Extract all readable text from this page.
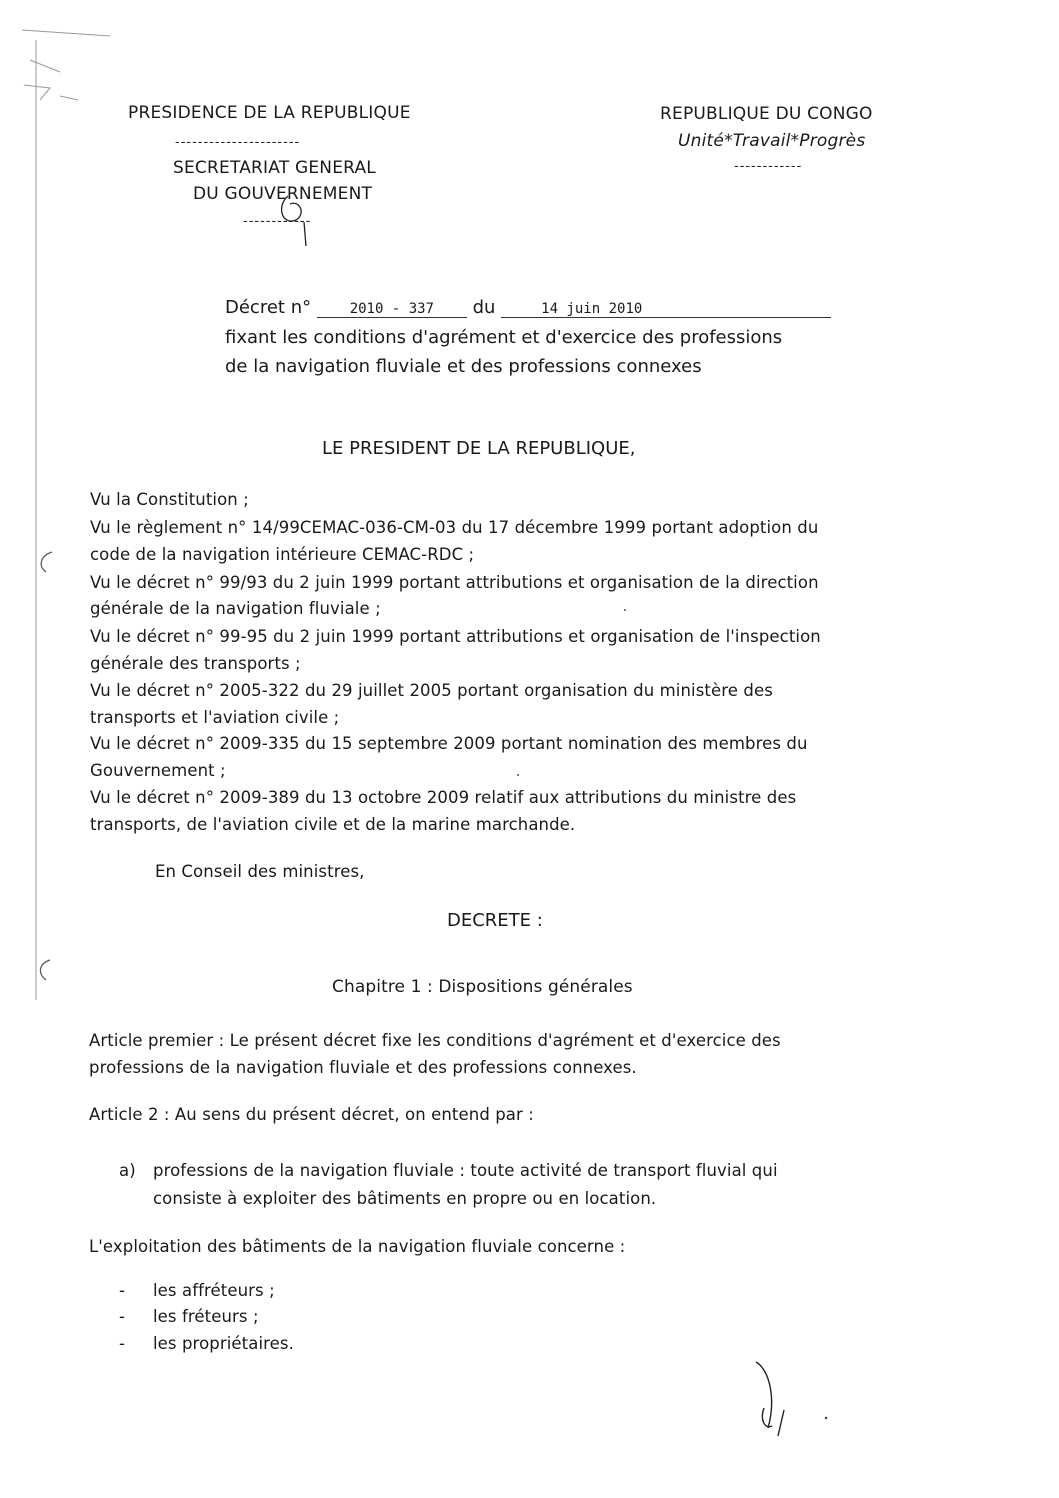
PRESIDENCE DE LA REPUBLIQUE
----------------------
SECRETARIAT GENERAL
DU GOUVERNEMENT
------------
REPUBLIQUE DU CONGO
Unité*Travail*Progrès
------------
Décret n°	2010 - 337 du	14 juin 2010
fixant les conditions d'agrément et d'exercice des professions
de la navigation fluviale et des professions connexes
LE PRESIDENT DE LA REPUBLIQUE,
Vu la Constitution ;
Vu le règlement n° 14/99CEMAC-036-CM-03 du 17 décembre 1999 portant adoption du
code de la navigation intérieure CEMAC-RDC ;
Vu le décret n° 99/93 du 2 juin 1999 portant attributions et organisation de la direction
générale de la navigation fluviale ;
Vu le décret n° 99-95 du 2 juin 1999 portant attributions et organisation de l'inspection
générale des transports ;
Vu le décret n° 2005-322 du 29 juillet 2005 portant organisation du ministère des
transports et l'aviation civile ;
Vu le décret n° 2009-335 du 15 septembre 2009 portant nomination des membres du
Gouvernement ;
Vu le décret n° 2009-389 du 13 octobre 2009 relatif aux attributions du ministre des
transports, de l'aviation civile et de la marine marchande.
En Conseil des ministres,
DECRETE :
Chapitre 1 : Dispositions générales
Article premier : Le présent décret fixe les conditions d'agrément et d'exercice des
professions de la navigation fluviale et des professions connexes.
Article 2 : Au sens du présent décret, on entend par :
a) professions de la navigation fluviale : toute activité de transport fluvial qui
consiste à exploiter des bâtiments en propre ou en location.
L'exploitation des bâtiments de la navigation fluviale concerne :
- les affréteurs ;
- les fréteurs ;
- les propriétaires.
